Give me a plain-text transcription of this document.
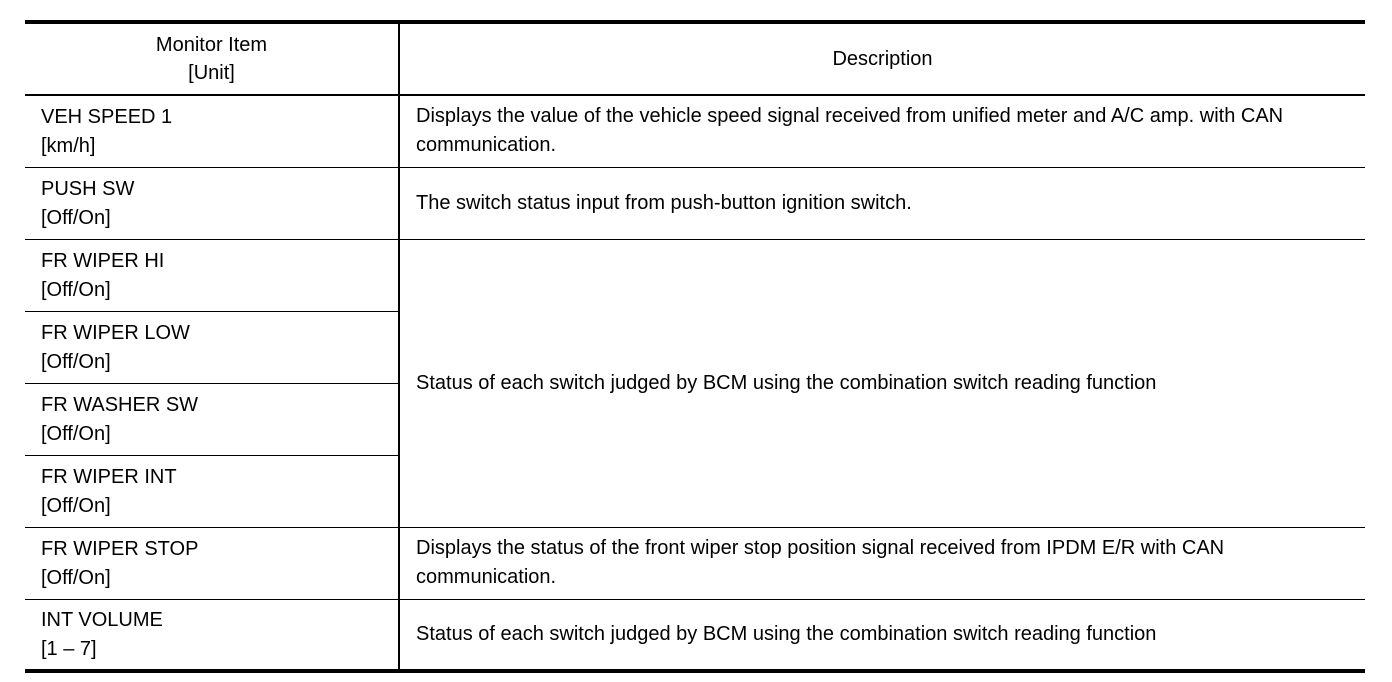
Monitor Item
[Unit]	Description

VEH SPEED 1
[km/h]	Displays the value of the vehicle speed signal received from unified meter and A/C amp. with CAN communication.

PUSH SW
[Off/On]	The switch status input from push-button ignition switch.

FR WIPER HI
[Off/On]	Status of each switch judged by BCM using the combination switch reading function

FR WIPER LOW
[Off/On]	

FR WASHER SW
[Off/On]	

FR WIPER INT
[Off/On]	

FR WIPER STOP
[Off/On]	Displays the status of the front wiper stop position signal received from IPDM E/R with CAN communication.

INT VOLUME
[1 – 7]	Status of each switch judged by BCM using the combination switch reading function
